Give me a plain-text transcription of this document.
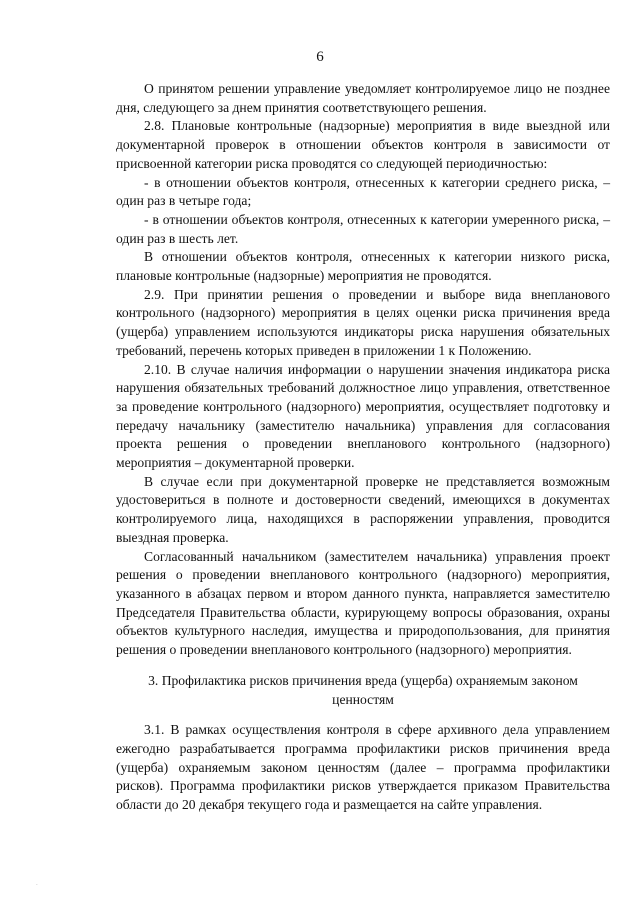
6

О принятом решении управление уведомляет контролируемое лицо не позднее дня, следующего за днем принятия соответствующего решения.

2.8. Плановые контрольные (надзорные) мероприятия в виде выездной или документарной проверок в отношении объектов контроля в зависимости от присвоенной категории риска проводятся со следующей периодичностью:

- в отношении объектов контроля, отнесенных к категории среднего риска, – один раз в четыре года;

- в отношении объектов контроля, отнесенных к категории умеренного риска, – один раз в шесть лет.

В отношении объектов контроля, отнесенных к категории низкого риска, плановые контрольные (надзорные) мероприятия не проводятся.

2.9. При принятии решения о проведении и выборе вида внепланового контрольного (надзорного) мероприятия в целях оценки риска причинения вреда (ущерба) управлением используются индикаторы риска нарушения обязательных требований, перечень которых приведен в приложении 1 к Положению.

2.10. В случае наличия информации о нарушении значения индикатора риска нарушения обязательных требований должностное лицо управления, ответственное за проведение контрольного (надзорного) мероприятия, осуществляет подготовку и передачу начальнику (заместителю начальника) управления для согласования проекта решения о проведении внепланового контрольного (надзорного) мероприятия – документарной проверки.

В случае если при документарной проверке не представляется возможным удостовериться в полноте и достоверности сведений, имеющихся в документах контролируемого лица, находящихся в распоряжении управления, проводится выездная проверка.

Согласованный начальником (заместителем начальника) управления проект решения о проведении внепланового контрольного (надзорного) мероприятия, указанного в абзацах первом и втором данного пункта, направляется заместителю Председателя Правительства области, курирующему вопросы образования, охраны объектов культурного наследия, имущества и природопользования, для принятия решения о проведении внепланового контрольного (надзорного) мероприятия.

3. Профилактика рисков причинения вреда (ущерба) охраняемым законом ценностям

3.1. В рамках осуществления контроля в сфере архивного дела управлением ежегодно разрабатывается программа профилактики рисков причинения вреда (ущерба) охраняемым законом ценностям (далее – программа профилактики рисков). Программа профилактики рисков утверждается приказом Правительства области до 20 декабря текущего года и размещается на сайте управления.

.
